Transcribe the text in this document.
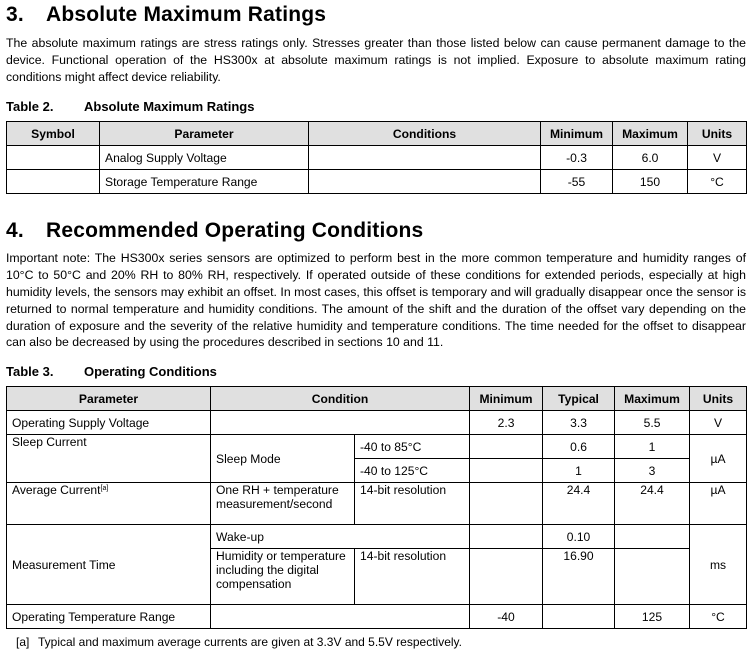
3.	Absolute Maximum Ratings

The absolute maximum ratings are stress ratings only. Stresses greater than those listed below can cause permanent damage to the device. Functional operation of the HS300x at absolute maximum ratings is not implied. Exposure to absolute maximum rating conditions might affect device reliability.

Table 2.	Absolute Maximum Ratings
Symbol	Parameter	Conditions	Minimum	Maximum	Units
	Analog Supply Voltage		-0.3	6.0	V
	Storage Temperature Range		-55	150	°C
4.	Recommended Operating Conditions

Important note: The HS300x series sensors are optimized to perform best in the more common temperature and humidity ranges of 10°C to 50°C and 20% RH to 80% RH, respectively. If operated outside of these conditions for extended periods, especially at high humidity levels, the sensors may exhibit an offset. In most cases, this offset is temporary and will gradually disappear once the sensor is returned to normal temperature and humidity conditions. The amount of the shift and the duration of the offset vary depending on the duration of exposure and the severity of the relative humidity and temperature conditions. The time needed for the offset to disappear can also be decreased by using the procedures described in sections 10 and 11.

Table 3.	Operating Conditions
Parameter	Condition		Minimum	Typical	Maximum	Units
Operating Supply Voltage			2.3	3.3	5.5	V
Sleep Current	Sleep Mode	-40 to 85°C		0.6	1	µA
		-40 to 125°C		1	3	
Average Current[a]	One RH + temperature measurement/second	14-bit resolution		24.4	24.4	µA
Measurement Time	Wake-up			0.10		ms
	Humidity or temperature including the digital compensation	14-bit resolution		16.90		
Operating Temperature Range			-40		125	°C
[a] Typical and maximum average currents are given at 3.3V and 5.5V respectively.
